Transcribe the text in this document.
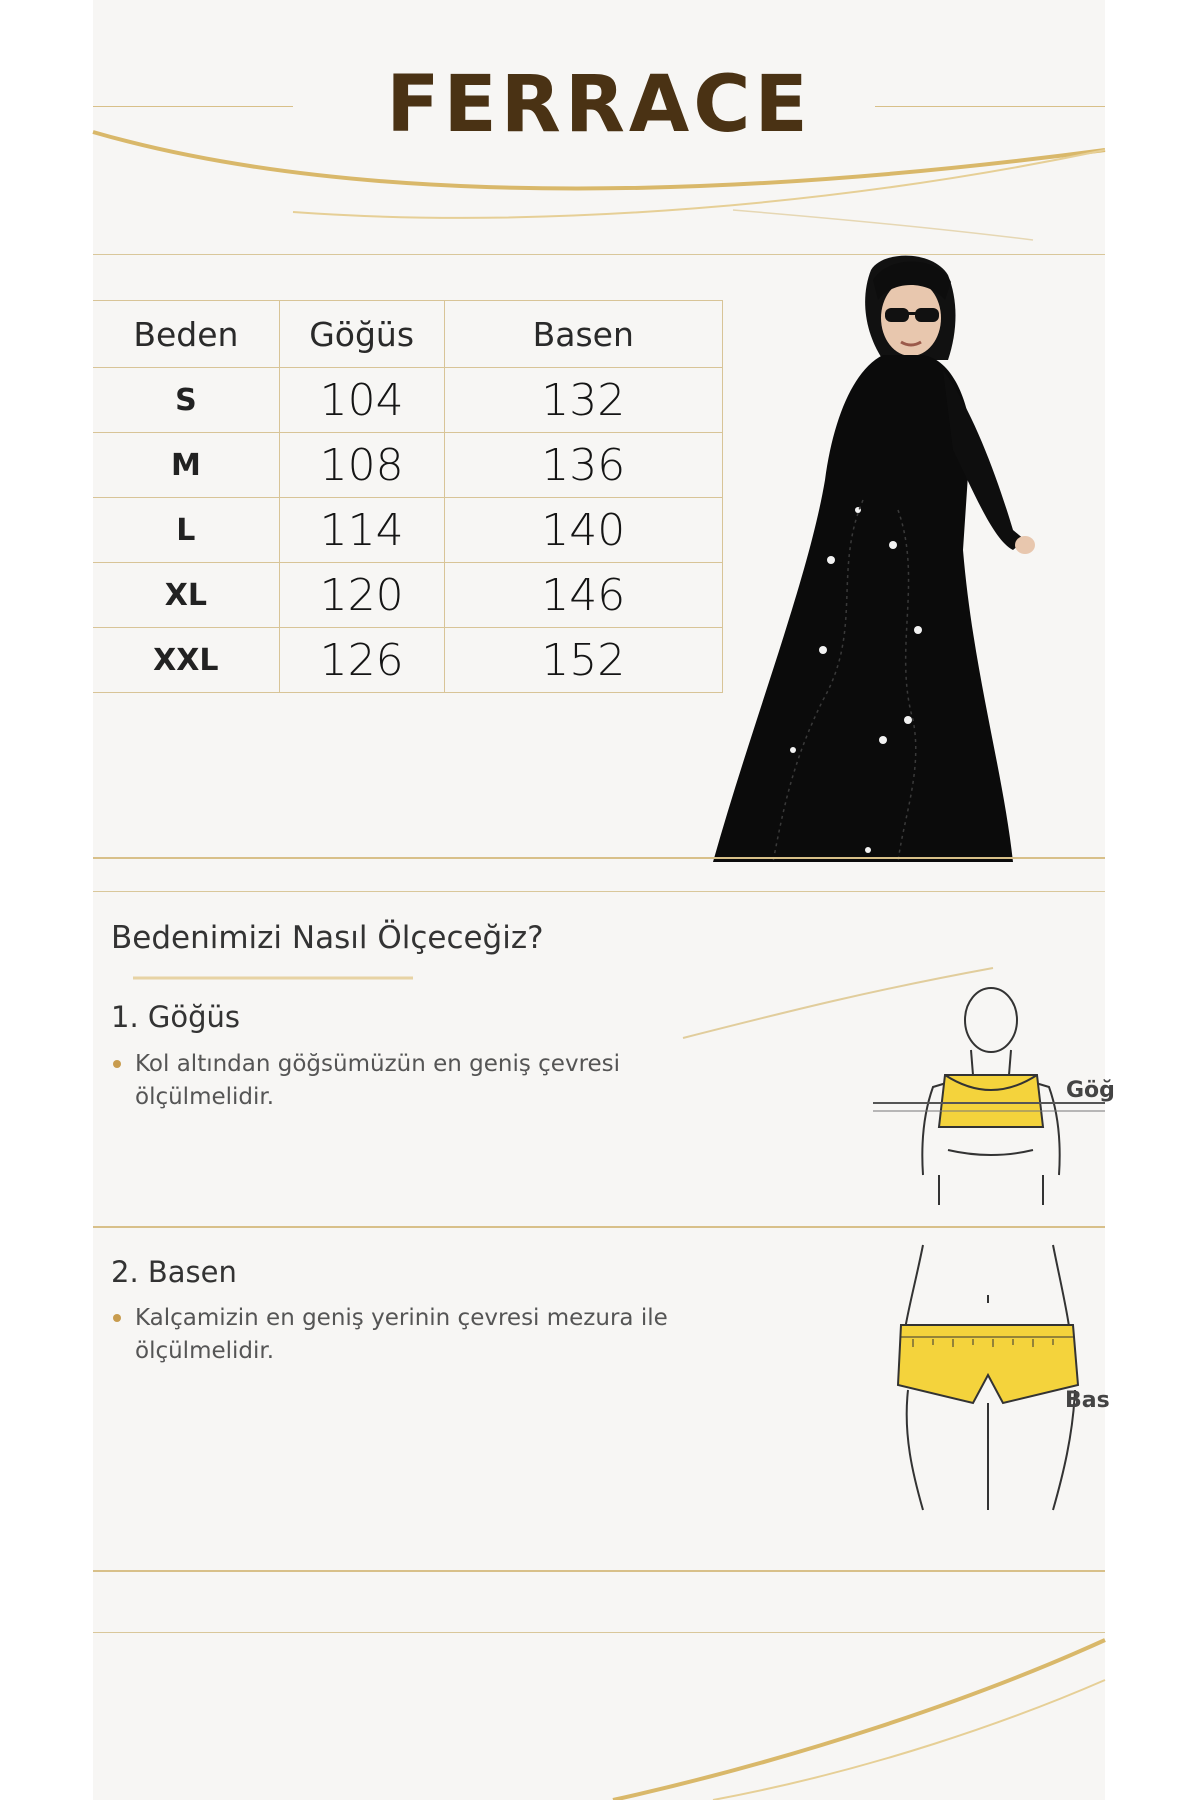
FERRACE
Beden	Göğüs	Basen
S	104	132
M	108	136
L	114	140
XL	120	146
XXL	126	152
Bedenimizi Nasıl Ölçeceğiz?
1. Göğüs
Kol altından göğsümüzün en geniş çevresi
ölçülmelidir.	Göğ
2. Basen
Kalçamizin en geniş yerinin çevresi mezura ile
ölçülmelidir.
Bas
